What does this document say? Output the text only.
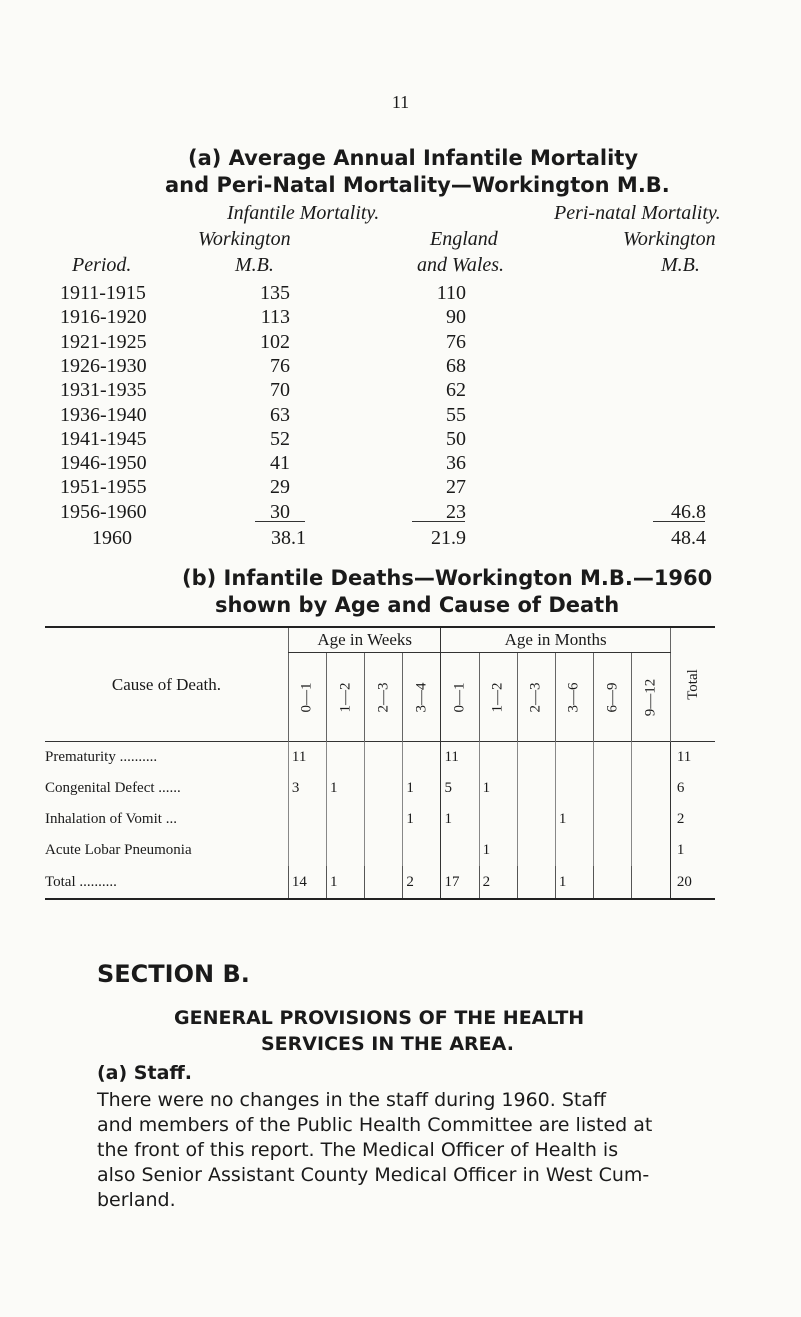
11
(a) Average Annual Infantile Mortality
and Peri-Natal Mortality—Workington M.B.
Infantile Mortality.	Peri-natal Mortality.
Workington	England	Workington
Period.	M.B.	and Wales.	M.B.
1911-1915	135	110
1916-1920	113	90
1921-1925	102	76
1926-1930	76	68
1931-1935	70	62
1936-1940	63	55
1941-1945	52	50
1946-1950	41	36
1951-1955	29	27
1956-1960	30	23	46.8
1960	38.1	21.9	48.4
(b) Infantile Deaths—Workington M.B.—1960
shown by Age and Cause of Death
Cause of Death.	Age in Weeks				Age in Months						Total
	0—1	1—2	2—3	3—4	0—1	1—2	2—3	3—6	6—9	9—12	
Prematurity ..........	11				11						11
Congenital Defect ......	3	1		1	5	1					6
Inhalation of Vomit ...				1	1			1			2
Acute Lobar Pneumonia						1					1
Total ..........	14	1		2	17	2		1			20
SECTION B.
GENERAL PROVISIONS OF THE HEALTH
SERVICES IN THE AREA.
(a) Staff.
There were no changes in the staff during 1960. Staff
and members of the Public Health Committee are listed at
the front of this report. The Medical Officer of Health is
also Senior Assistant County Medical Officer in West Cum-
berland.
